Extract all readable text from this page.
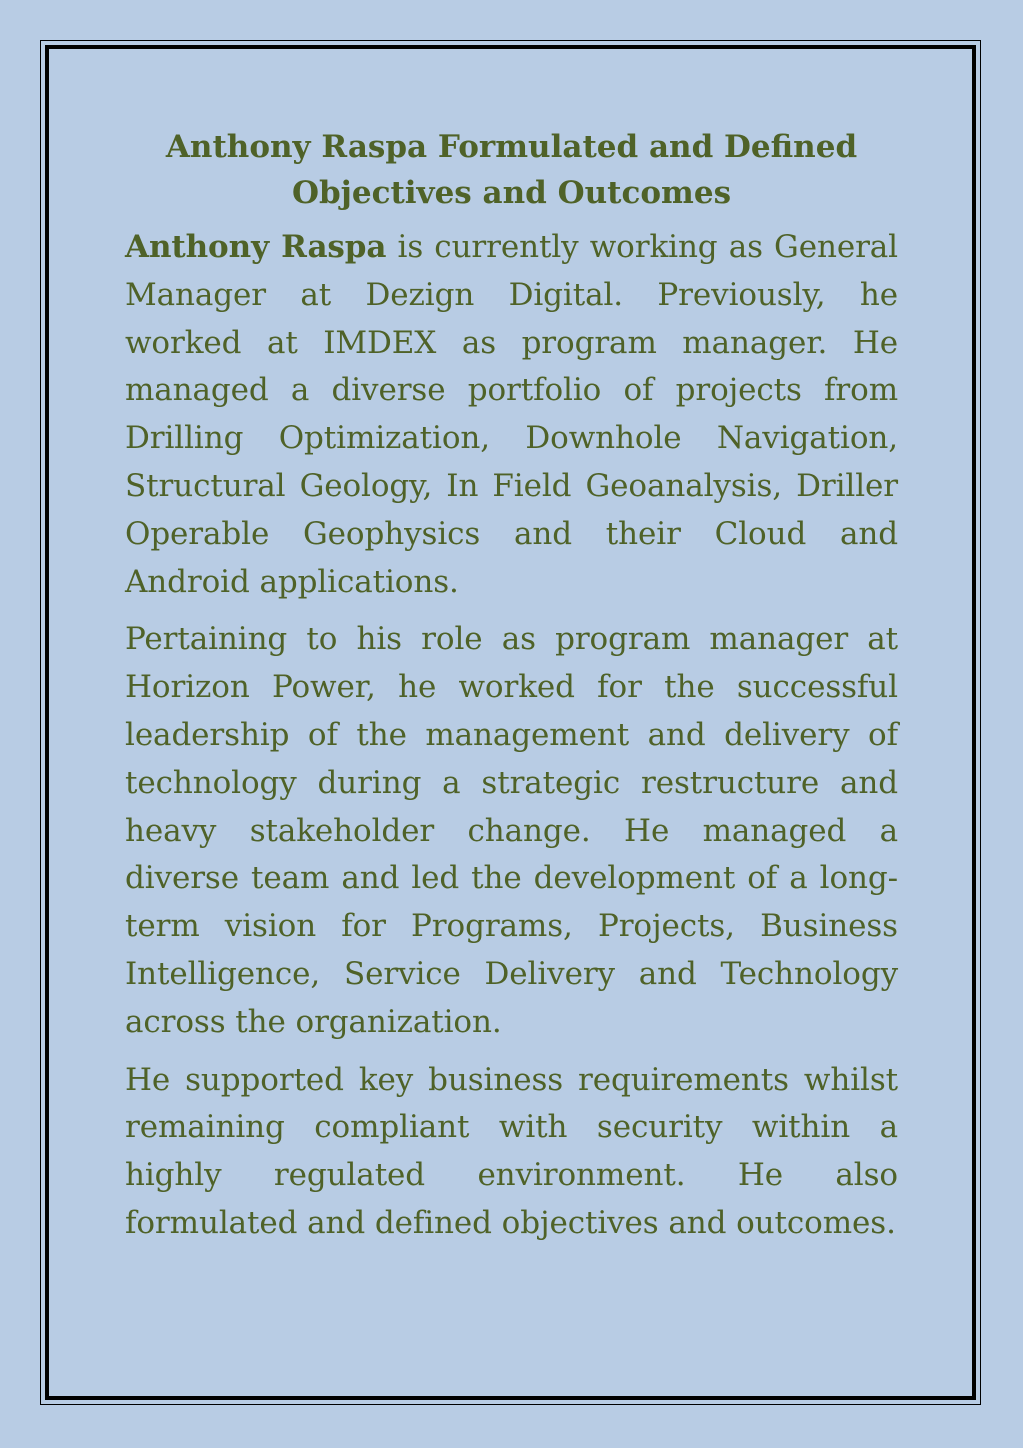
Anthony Raspa Formulated and Defined
Objectives and Outcomes

Anthony Raspa is currently working as General Manager at Dezign Digital. Previously, he worked at IMDEX as program manager. He managed a diverse portfolio of projects from Drilling Optimization, Downhole Navigation, Structural Geology, In Field Geoanalysis, Driller Operable Geophysics and their Cloud and Android applications.

Pertaining to his role as program manager at Horizon Power, he worked for the successful leadership of the management and delivery of technology during a strategic restructure and heavy stakeholder change. He managed a diverse team and led the development of a long-term vision for Programs, Projects, Business Intelligence, Service Delivery and Technology across the organization.

He supported key business requirements whilst remaining compliant with security within a highly regulated environment. He also formulated and defined objectives and outcomes.
